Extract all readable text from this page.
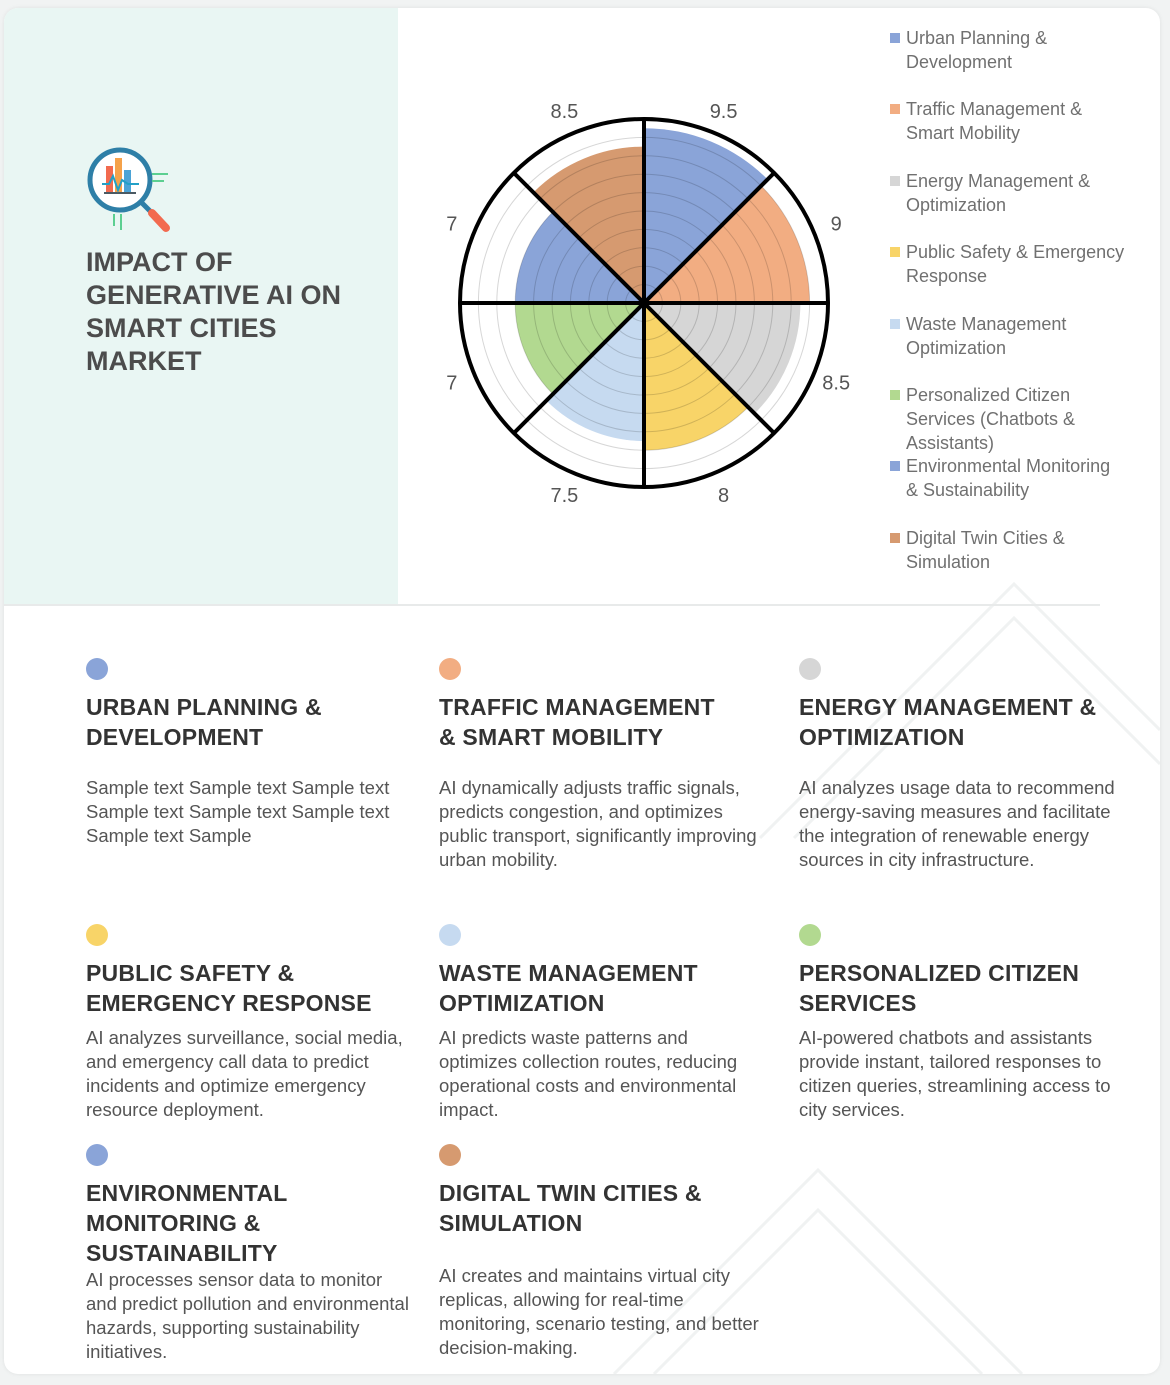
IMPACT OF
GENERATIVE AI ON
SMART CITIES
MARKET
9.5
9
8.5
8
7.5
7
7
8.5
Urban Planning &
Development
Traffic Management &
Smart Mobility
Energy Management &
Optimization
Public Safety & Emergency
Response
Waste Management
Optimization
Personalized Citizen
Services (Chatbots &
Assistants)
Environmental Monitoring
& Sustainability
Digital Twin Cities &
Simulation
URBAN PLANNING &
DEVELOPMENT
Sample text Sample text Sample text Sample text Sample text Sample text Sample text Sample
TRAFFIC MANAGEMENT
& SMART MOBILITY
AI dynamically adjusts traffic signals, predicts congestion, and optimizes public transport, significantly improving urban mobility.
ENERGY MANAGEMENT &
OPTIMIZATION
AI analyzes usage data to recommend energy-saving measures and facilitate the integration of renewable energy sources in city infrastructure.
PUBLIC SAFETY &
EMERGENCY RESPONSE
AI analyzes surveillance, social media, and emergency call data to predict incidents and optimize emergency resource deployment.
WASTE MANAGEMENT
OPTIMIZATION
AI predicts waste patterns and optimizes collection routes, reducing operational costs and environmental impact.
PERSONALIZED CITIZEN
SERVICES
AI-powered chatbots and assistants provide instant, tailored responses to citizen queries, streamlining access to city services.
ENVIRONMENTAL
MONITORING &
SUSTAINABILITY
AI processes sensor data to monitor and predict pollution and environmental hazards, supporting sustainability initiatives.
DIGITAL TWIN CITIES &
SIMULATION
AI creates and maintains virtual city replicas, allowing for real-time monitoring, scenario testing, and better decision-making.
